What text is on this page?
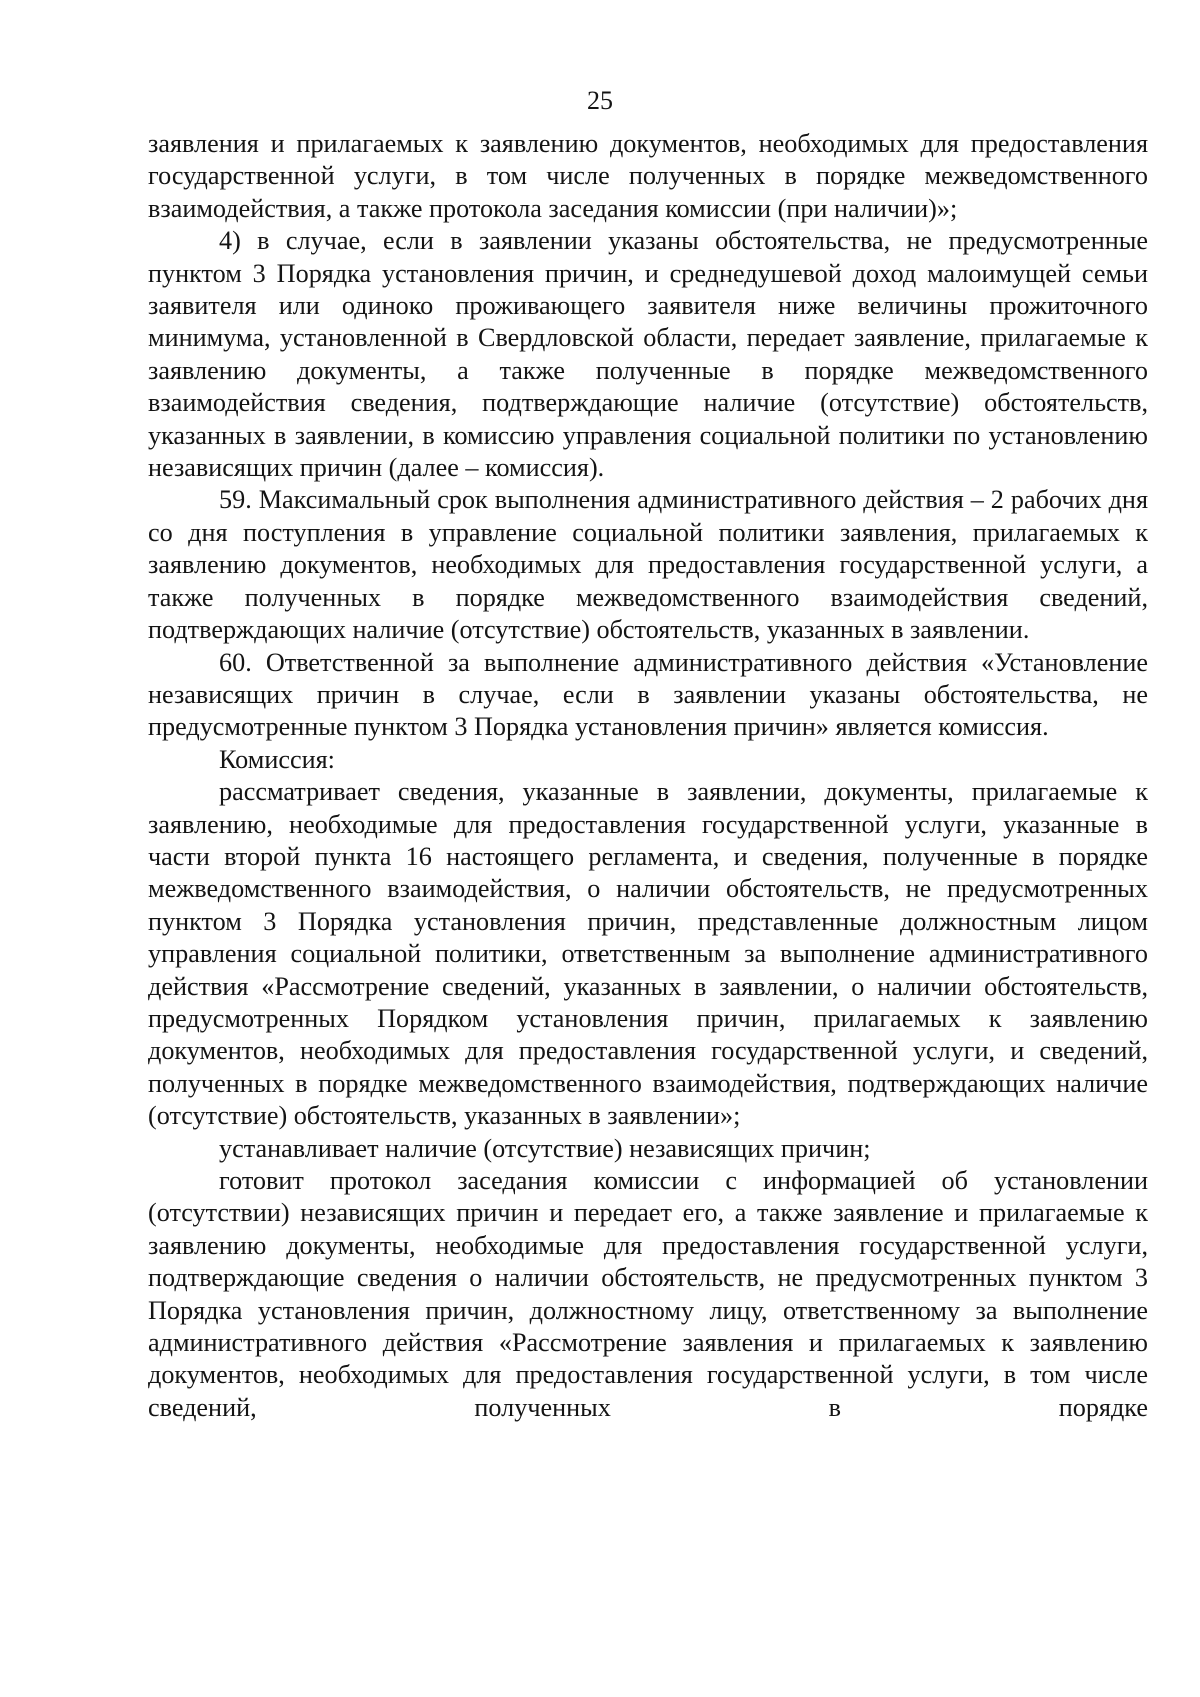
25

заявления и прилагаемых к заявлению документов, необходимых для предоставления государственной услуги, в том числе полученных в порядке межведомственного взаимодействия, а также протокола заседания комиссии (при наличии)»;

4) в случае, если в заявлении указаны обстоятельства, не предусмотренные пунктом 3 Порядка установления причин, и среднедушевой доход малоимущей семьи заявителя или одиноко проживающего заявителя ниже величины прожиточного минимума, установленной в Свердловской области, передает заявление, прилагаемые к заявлению документы, а также полученные в порядке межведомственного взаимодействия сведения, подтверждающие наличие (отсутствие) обстоятельств, указанных в заявлении, в комиссию управления социальной политики по установлению независящих причин (далее – комиссия).

59. Максимальный срок выполнения административного действия – 2 рабочих дня со дня поступления в управление социальной политики заявления, прилагаемых к заявлению документов, необходимых для предоставления государственной услуги, а также полученных в порядке межведомственного взаимодействия сведений, подтверждающих наличие (отсутствие) обстоятельств, указанных в заявлении.

60. Ответственной за выполнение административного действия «Установление независящих причин в случае, если в заявлении указаны обстоятельства, не предусмотренные пунктом 3 Порядка установления причин» является комиссия.

Комиссия:

рассматривает сведения, указанные в заявлении, документы, прилагаемые к заявлению, необходимые для предоставления государственной услуги, указанные в части второй пункта 16 настоящего регламента, и сведения, полученные в порядке межведомственного взаимодействия, о наличии обстоятельств, не предусмотренных пунктом 3 Порядка установления причин, представленные должностным лицом управления социальной политики, ответственным за выполнение административного действия «Рассмотрение сведений, указанных в заявлении, о наличии обстоятельств, предусмотренных Порядком установления причин, прилагаемых к заявлению документов, необходимых для предоставления государственной услуги, и сведений, полученных в порядке межведомственного взаимодействия, подтверждающих наличие (отсутствие) обстоятельств, указанных в заявлении»;

устанавливает наличие (отсутствие) независящих причин;

готовит протокол заседания комиссии с информацией об установлении (отсутствии) независящих причин и передает его, а также заявление и прилагаемые к заявлению документы, необходимые для предоставления государственной услуги, подтверждающие сведения о наличии обстоятельств, не предусмотренных пунктом 3 Порядка установления причин, должностному лицу, ответственному за выполнение административного действия «Рассмотрение заявления и прилагаемых к заявлению документов, необходимых для предоставления государственной услуги, в том числе сведений, полученных в порядке
